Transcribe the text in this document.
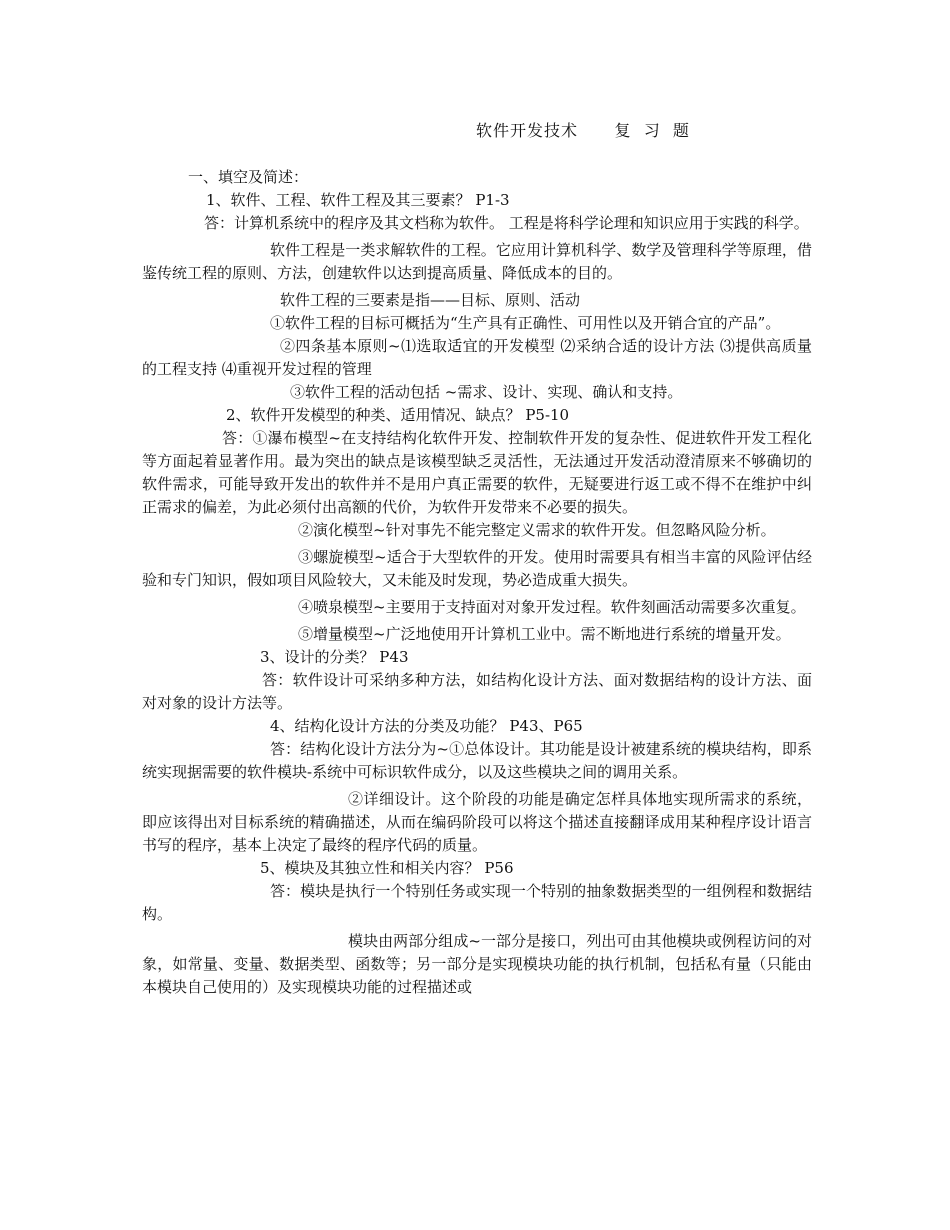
软件开发技术      复  习  题

一、填空及简述：

1、软件、工程、软件工程及其三要素？ P1-3

答：计算机系统中的程序及其文档称为软件。 工程是将科学论理和知识应用于实践的科学。

软件工程是一类求解软件的工程。它应用计算机科学、数学及管理科学等原理，借鉴传统工程的原则、方法，创建软件以达到提高质量、降低成本的目的。

软件工程的三要素是指——目标、原则、活动

①软件工程的目标可概括为“生产具有正确性、可用性以及开销合宜的产品”。

②四条基本原则~⑴选取适宜的开发模型 ⑵采纳合适的设计方法 ⑶提供高质量的工程支持 ⑷重视开发过程的管理

③软件工程的活动包括 ~需求、设计、实现、确认和支持。

2、软件开发模型的种类、适用情况、缺点？ P5-10

答：①瀑布模型~在支持结构化软件开发、控制软件开发的复杂性、促进软件开发工程化等方面起着显著作用。最为突出的缺点是该模型缺乏灵活性，无法通过开发活动澄清原来不够确切的软件需求，可能导致开发出的软件并不是用户真正需要的软件，无疑要进行返工或不得不在维护中纠正需求的偏差，为此必须付出高额的代价，为软件开发带来不必要的损失。

②演化模型~针对事先不能完整定义需求的软件开发。但忽略风险分析。

③螺旋模型~适合于大型软件的开发。使用时需要具有相当丰富的风险评估经验和专门知识，假如项目风险较大，又未能及时发现，势必造成重大损失。

④喷泉模型~主要用于支持面对对象开发过程。软件刻画活动需要多次重复。

⑤增量模型~广泛地使用开计算机工业中。需不断地进行系统的增量开发。

3、设计的分类？ P43

答：软件设计可采纳多种方法，如结构化设计方法、面对数据结构的设计方法、面对对象的设计方法等。

4、结构化设计方法的分类及功能？ P43、P65

答：结构化设计方法分为~①总体设计。其功能是设计被建系统的模块结构，即系统实现据需要的软件模块-系统中可标识软件成分，以及这些模块之间的调用关系。

②详细设计。这个阶段的功能是确定怎样具体地实现所需求的系统，即应该得出对目标系统的精确描述，从而在编码阶段可以将这个描述直接翻译成用某种程序设计语言书写的程序，基本上决定了最终的程序代码的质量。

5、模块及其独立性和相关内容？ P56

答：模块是执行一个特别任务或实现一个特别的抽象数据类型的一组例程和数据结构。

模块由两部分组成~一部分是接口，列出可由其他模块或例程访问的对象，如常量、变量、数据类型、函数等；另一部分是实现模块功能的执行机制，包括私有量（只能由本模块自己使用的）及实现模块功能的过程描述或
